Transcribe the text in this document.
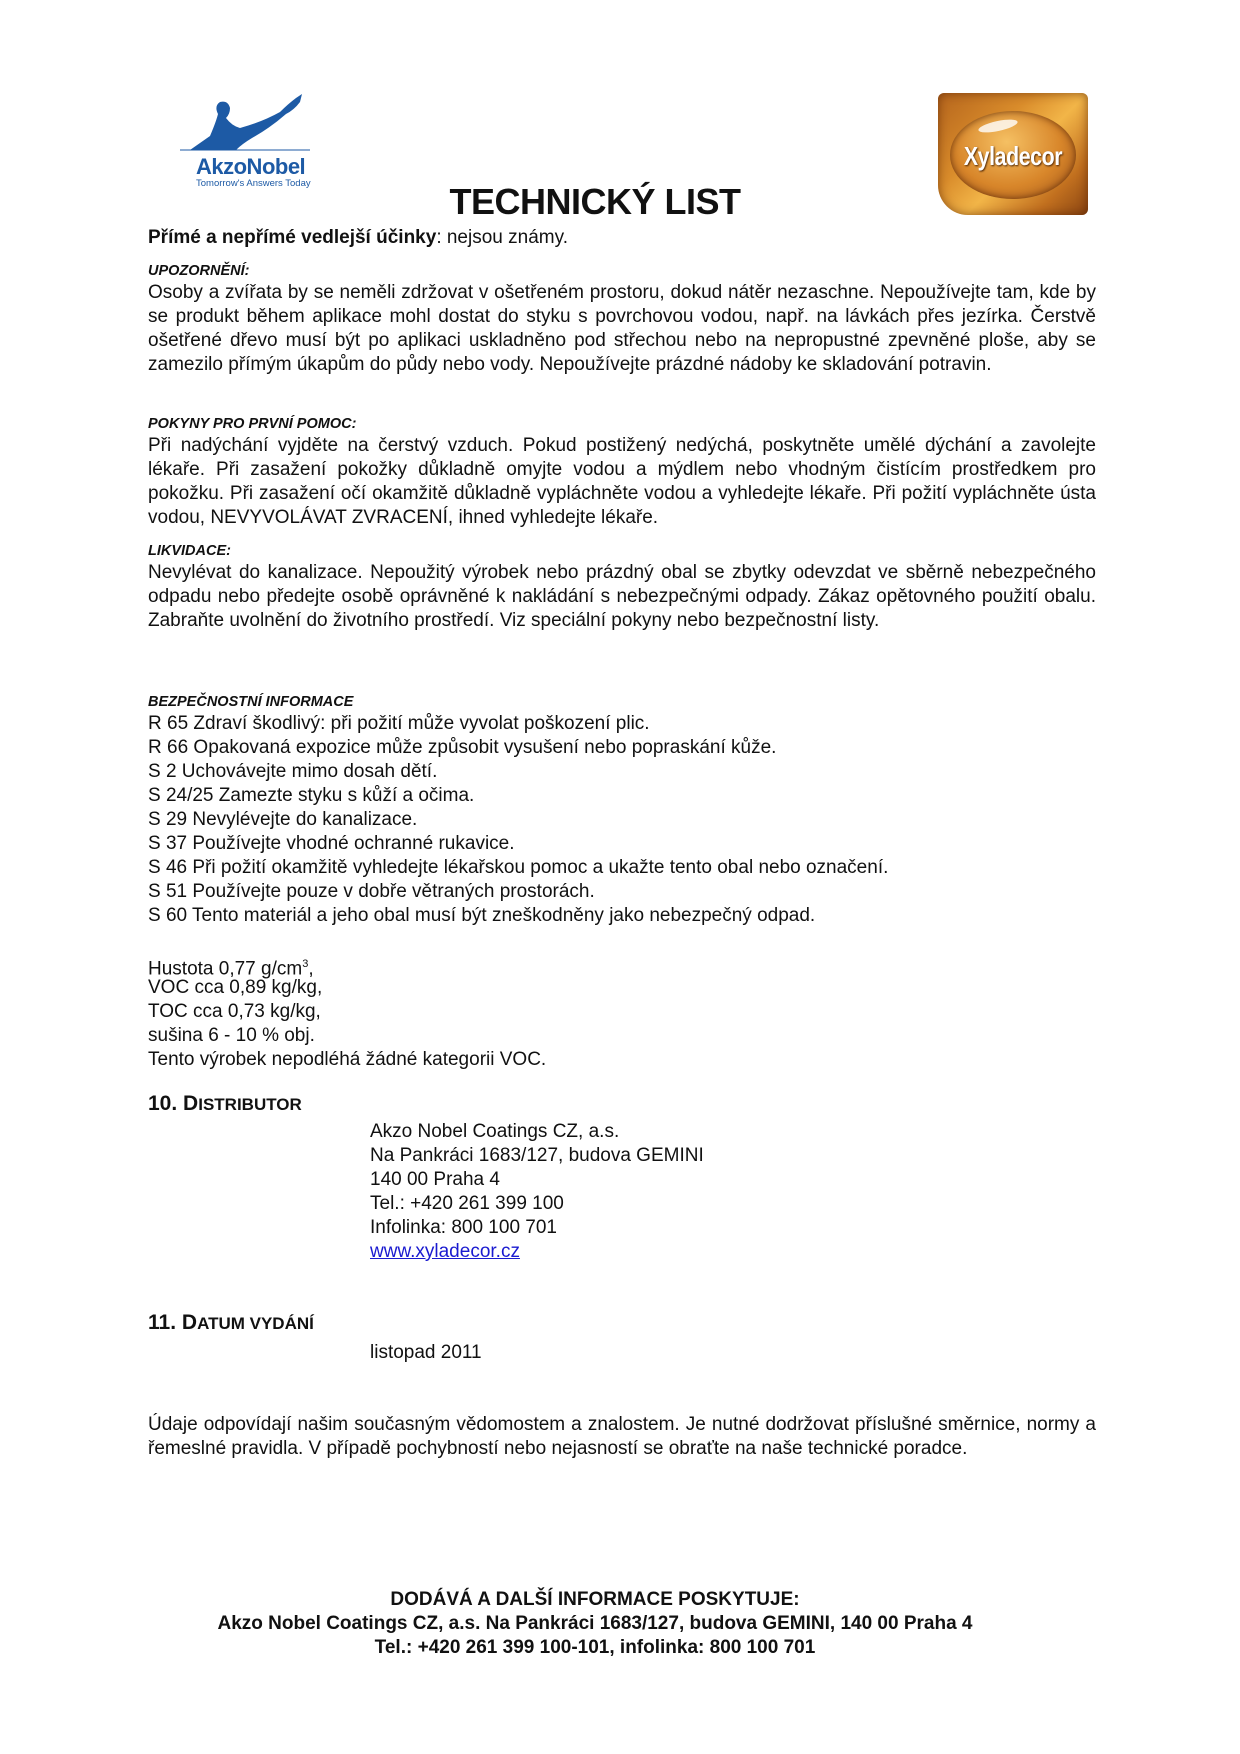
AkzoNobel
Tomorrow's Answers Today
Xyladecor
TECHNICKÝ LIST
Přímé a nepřímé vedlejší účinky: nejsou známy.
UPOZORNĚNÍ:
Osoby a zvířata by se neměli zdržovat v ošetřeném prostoru, dokud nátěr nezaschne. Nepoužívejte tam, kde by se produkt během aplikace mohl dostat do styku s povrchovou vodou, např. na lávkách přes jezírka. Čerstvě ošetřené dřevo musí být po aplikaci uskladněno pod střechou nebo na nepropustné zpevněné ploše, aby se zamezilo přímým úkapům do půdy nebo vody. Nepoužívejte prázdné nádoby ke skladování potravin.
POKYNY PRO PRVNÍ POMOC:
Při nadýchání vyjděte na čerstvý vzduch. Pokud postižený nedýchá, poskytněte umělé dýchání a zavolejte lékaře. Při zasažení pokožky důkladně omyjte vodou a mýdlem nebo vhodným čistícím prostředkem pro pokožku. Při zasažení očí okamžitě důkladně vypláchněte vodou a vyhledejte lékaře. Při požití vypláchněte ústa vodou, NEVYVOLÁVAT ZVRACENÍ, ihned vyhledejte lékaře.
LIKVIDACE:
Nevylévat do kanalizace. Nepoužitý výrobek nebo prázdný obal se zbytky odevzdat ve sběrně nebezpečného odpadu nebo předejte osobě oprávněné k nakládání s nebezpečnými odpady. Zákaz opětovného použití obalu. Zabraňte uvolnění do životního prostředí. Viz speciální pokyny nebo bezpečnostní listy.
BEZPEČNOSTNÍ INFORMACE
R 65 Zdraví škodlivý: při požití může vyvolat poškození plic.
R 66 Opakovaná expozice může způsobit vysušení nebo popraskání kůže.
S 2 Uchovávejte mimo dosah dětí.
S 24/25 Zamezte styku s kůží a očima.
S 29 Nevylévejte do kanalizace.
S 37 Používejte vhodné ochranné rukavice.
S 46 Při požití okamžitě vyhledejte lékařskou pomoc a ukažte tento obal nebo označení.
S 51 Používejte pouze v dobře větraných prostorách.
S 60 Tento materiál a jeho obal musí být zneškodněny jako nebezpečný odpad.
Hustota 0,77 $g/cm^3$,
VOC cca 0,89 kg/kg,
TOC cca 0,73 kg/kg,
sušina 6 - 10 % obj.
Tento výrobek nepodléhá žádné kategorii VOC.
10. DISTRIBUTOR
Akzo Nobel Coatings CZ, a.s.
Na Pankráci 1683/127, budova GEMINI
140 00 Praha 4
Tel.: +420 261 399 100
Infolinka: 800 100 701
www.xyladecor.cz
11. DATUM VYDÁNÍ
listopad 2011
Údaje odpovídají našim současným vědomostem a znalostem. Je nutné dodržovat příslušné směrnice, normy a řemeslné pravidla. V případě pochybností nebo nejasností se obraťte na naše technické poradce.
DODÁVÁ A DALŠÍ INFORMACE POSKYTUJE:
Akzo Nobel Coatings CZ, a.s. Na Pankráci 1683/127, budova GEMINI, 140 00 Praha 4
Tel.: +420 261 399 100-101, infolinka: 800 100 701
